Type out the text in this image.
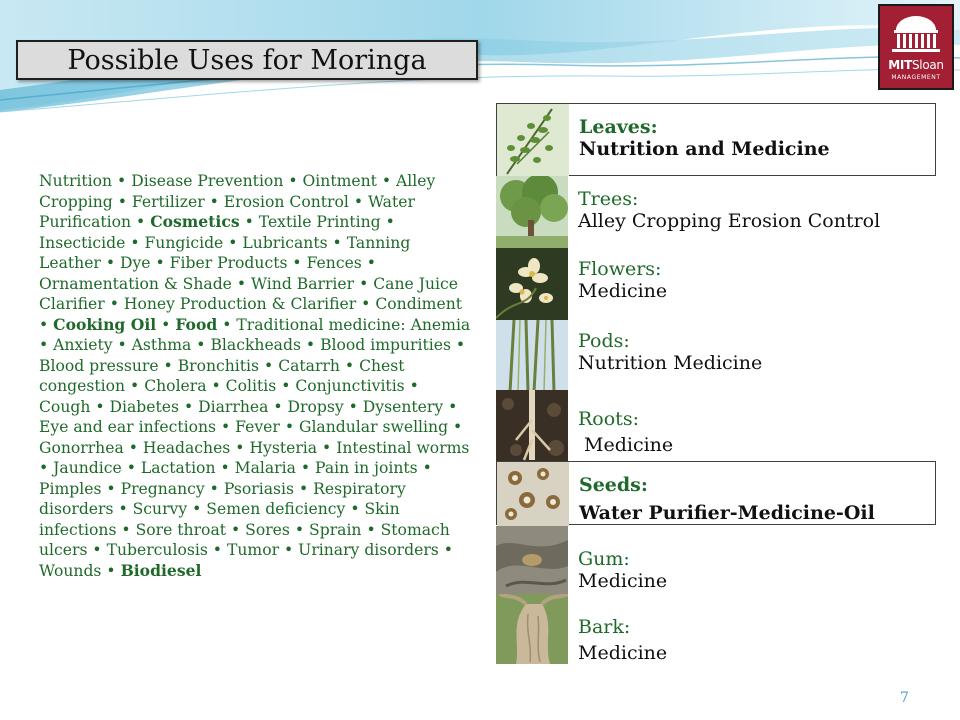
Possible Uses for Moringa	MITSloan
MANAGEMENT
Nutrition • Disease Prevention • Ointment • Alley Cropping • Fertilizer • Erosion Control • Water Purification • Cosmetics • Textile Printing • Insecticide • Fungicide • Lubricants • Tanning Leather • Dye • Fiber Products • Fences • Ornamentation & Shade • Wind Barrier • Cane Juice Clarifier • Honey Production & Clarifier • Condiment • Cooking Oil • Food • Traditional medicine: Anemia • Anxiety • Asthma • Blackheads • Blood impurities • Blood pressure • Bronchitis • Catarrh • Chest congestion • Cholera • Colitis • Conjunctivitis • Cough • Diabetes • Diarrhea • Dropsy • Dysentery • Eye and ear infections • Fever • Glandular swelling • Gonorrhea • Headaches • Hysteria • Intestinal worms • Jaundice • Lactation • Malaria • Pain in joints • Pimples • Pregnancy • Psoriasis • Respiratory disorders • Scurvy • Semen deficiency • Skin infections • Sore throat • Sores • Sprain • Stomach ulcers • Tuberculosis • Tumor • Urinary disorders • Wounds • Biodiesel
Leaves:
Nutrition and Medicine
Trees:
Alley Cropping Erosion Control
Flowers:
Medicine
Pods:
Nutrition Medicine
Roots:
Medicine
Seeds:
Water Purifier-Medicine-Oil
Gum:
Medicine
Bark:
Medicine
7
